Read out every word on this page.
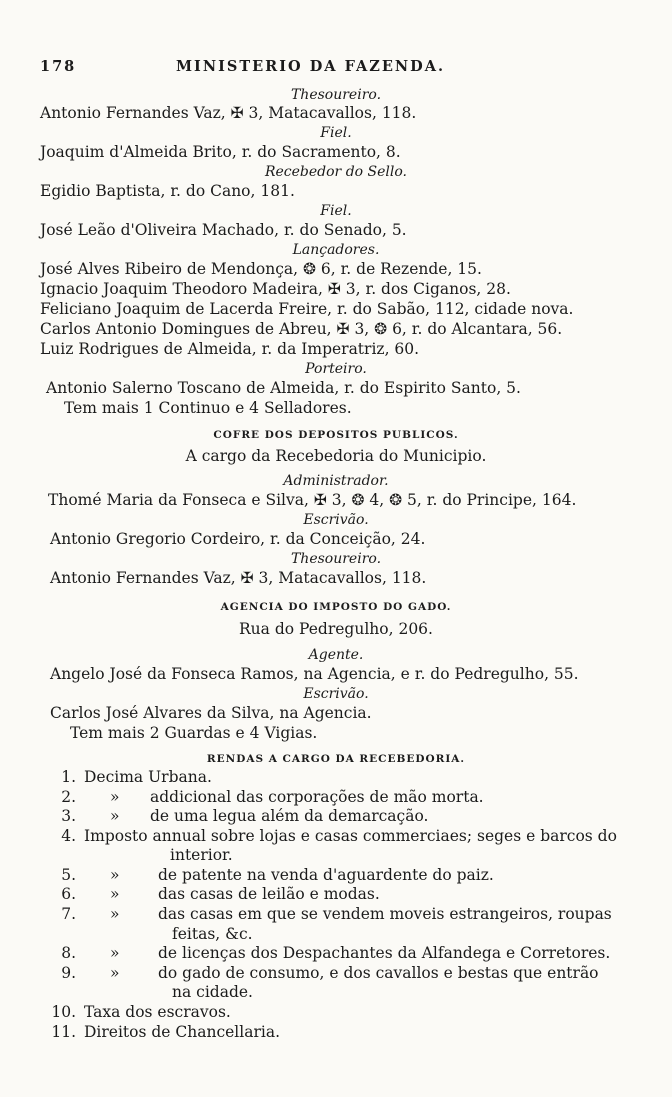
178	MINISTERIO DA FAZENDA.
Thesoureiro.
Antonio Fernandes Vaz, ✠ 3, Matacavallos, 118.
Fiel.
Joaquim d'Almeida Brito, r. do Sacramento, 8.
Recebedor do Sello.
Egidio Baptista, r. do Cano, 181.
Fiel.
José Leão d'Oliveira Machado, r. do Senado, 5.
Lançadores.
José Alves Ribeiro de Mendonça, ❂ 6, r. de Rezende, 15.
Ignacio Joaquim Theodoro Madeira, ✠ 3, r. dos Ciganos, 28.
Feliciano Joaquim de Lacerda Freire, r. do Sabão, 112, cidade nova.
Carlos Antonio Domingues de Abreu, ✠ 3, ❂ 6, r. do Alcantara, 56.
Luiz Rodrigues de Almeida, r. da Imperatriz, 60.
Porteiro.
Antonio Salerno Toscano de Almeida, r. do Espirito Santo, 5.
Tem mais 1 Continuo e 4 Selladores.
COFRE DOS DEPOSITOS PUBLICOS.
A cargo da Recebedoria do Municipio.
Administrador.
Thomé Maria da Fonseca e Silva, ✠ 3, ❂ 4, ❂ 5, r. do Principe, 164.
Escrivão.
Antonio Gregorio Cordeiro, r. da Conceição, 24.
Thesoureiro.
Antonio Fernandes Vaz, ✠ 3, Matacavallos, 118.
AGENCIA DO IMPOSTO DO GADO.
Rua do Pedregulho, 206.
Agente.
Angelo José da Fonseca Ramos, na Agencia, e r. do Pedregulho, 55.
Escrivão.
Carlos José Alvares da Silva, na Agencia.
Tem mais 2 Guardas e 4 Vigias.
RENDAS A CARGO DA RECEBEDORIA.
1. Decima Urbana.
2. » addicional das corporações de mão morta.
3. » de uma legua além da demarcação.
4. Imposto annual sobre lojas e casas commerciaes; seges e barcos do
interior.
5. » de patente na venda d'aguardente do paiz.
6. » das casas de leilão e modas.
7. » das casas em que se vendem moveis estrangeiros, roupas
feitas, &c.
8. » de licenças dos Despachantes da Alfandega e Corretores.
9. » do gado de consumo, e dos cavallos e bestas que entrão
na cidade.
10. Taxa dos escravos.
11. Direitos de Chancellaria.
